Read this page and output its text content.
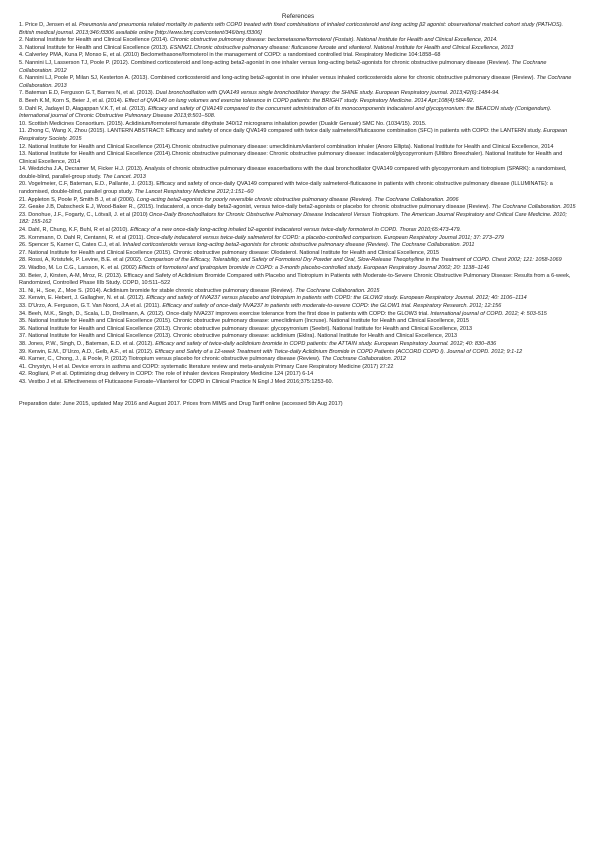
References
1 . Price D, Jensen et al. Pneumonia and pneumonia related mortality in patients with COPD treated with fixed combinations of inhaled corticosteroid and long acting β2 agonist: observational matched cohort study (PATHOS). British medical journal. 2013;346:f3306 available online [http://www.bmj.com/content/346/bmj.f3306]
2 . National Institute for Health and Clinical Excellence (2014). Chronic obstructive pulmonary disease: beclometasone/formoterol (Fostair). National Institute for Health and Clinical Excellence, 2014.
3 . National Institute for Health and Clinical Excellence (2013). ESNM21.Chronic obstructive pulmonary disease: fluticasone furoate and vilanterol. National Institute for Health and Clinical Excellence, 2013
4 . Calverley PMA, Kuna P, Monso E, et al. (2010) Beclomethasone/formoterol in the management of COPD: a randomised controlled trial. Respiratory Medicine 104:1858–68
5 . Nannini LJ, Lasserson TJ, Poole P. (2012). Combined corticosteroid and long-acting beta2-agonist in one inhaler versus long-acting beta2-agonists for chronic obstructive pulmonary disease (Review). The Cochrane Collaboration. 2012
6 . Nannini LJ, Poole P, Milan SJ, Kesterton A. (2013). Combined corticosteroid and long-acting beta2-agonist in one inhaler versus inhaled corticosteroids alone for chronic obstructive pulmonary disease (Review). The Cochrane Collaboration. 2013
7 . Bateman E.D, Ferguson G.T, Barnes N, et al. (2013). Dual bronchodilation with QVA149 versus single bronchodilator therapy: the SHINE study. European Respiratory journal. 2013;42(6):1484-94.
8 . Beeh K.M, Korn S, Beier J, et al. (2014). Effect of QVA149 on lung volumes and exercise tolerance in COPD patients: the BRIGHT study. Respiratory Medicine. 2014 Apr;108(4):584-92.
9 . Dahl R, Jadayel D, Alagappan V.K.T, et al. (2013). Efficacy and safety of QVA149 compared to the concurrent administration of its monocomponents indacaterol and glycopyrronium: the BEACON study (Conigendum). International journal of Chronic Obstructive Pulmonary Disease 2013;8:501–508.
10 . Scottish Medicines Consortium. (2015). Aclidinium/formoterol fumarate dihydrate 340/12 micrograms inhalation powder (Duaklir Genuair) SMC No. (1034/15). 2015.
11 . Zhong C, Wang X, Zhou (2015). LANTERN ABSTRACT: Efficacy and safety of once daily QVA149 compared with twice daily salmeterol/fluticasone combination (SFC) in patients with COPD: the LANTERN study. European Respiratory Society. 2015
12 . National Institute for Health and Clinical Excellence (2014).Chronic obstructive pulmonary disease: umeclidinium/vilanterol combination inhaler (Anoro Ellipta). National Institute for Health and Clinical Excellence, 2014
13 . National Institute for Health and Clinical Excellence (2014).Chronic obstructive pulmonary disease: Chronic obstructive pulmonary disease: indacaterol/glycopyrronium (Ultibro Breezhaler). National Institute for Health and Clinical Excellence, 2014
14 . Wedzicha J.A, Decramer M, Ficker H.J. (2013). Analysis of chronic obstructive pulmonary disease exacerbations with the dual bronchodilator QVA149 compared with glycopyrronium and tiotropium (SPARK): a randomised, double-blind, parallel-group study. The Lancet. 2013
20 . Vogelmeier, C.F, Bateman, E.D., Pallante, J. (2013). Efficacy and safety of once-daily QVA149 compared with twice-daily salmeterol-fluticasone in patients with chronic obstructive pulmonary disease (ILLUMINATE): a randomised, double-blind, parallel group study. The Lancet Respiratory Medicine 2012;1:151–60
21 . Appleton S, Poole P, Smith B J, et al (2006). Long-acting beta2-agonists for poorly reversible chronic obstructive pulmonary disease (Review). The Cochrane Collaboration. 2006
22 . Geake J.B, Dabscheck E.J, Wood-Baker R., (2015). Indacaterol, a once-daily beta2-agonist, versus twice-daily beta2-agonists or placebo for chronic obstructive pulmonary disease (Review). The Cochrane Collaboration. 2015
23 . Donohue, J.F., Fogarty, C., Lötvall, J. et al (2010) Once-Daily Bronchodilators for Chronic Obstructive Pulmonary Disease Indacaterol Versus Tiotropium. The American Journal Respiratory and Critical Care Medicine. 2010; 182: 155-162
24 . Dahl, R, Chung, K.F, Buhl, R et al (2010). Efficacy of a new once-daily long-acting inhaled b2-agonist indacaterol versus twice-daily formoterol in COPD. Thorax 2010;65:473-479.
25 . Kornmann, O. Dahl R, Centanni, R. et al (2011). Once-daily indacaterol versus twice-daily salmeterol for COPD: a placebo-controlled comparison. European Respiratory Journal 2011; 37: 273–279
26 . Spencer S, Karner C, Cates C.J, et al. Inhaled corticosteroids versus long-acting beta2-agonists for chronic obstructive pulmonary disease (Review). The Cochrane Collaboration. 2011
27 . National Institute for Health and Clinical Excellence (2015). Chronic obstructive pulmonary disease: Olodaterol. National Institute for Health and Clinical Excellence, 2015
28 . Rossi, A, Kristufek, P. Levine, B.E. et al (2002). Comparison of the Efficacy, Tolerability, and Safety of Formoterol Dry Powder and Oral, Slow-Release Theophylline in the Treatment of COPD. Chest 2002; 121: 1058-1069
29 . Wadbo, M. Lo C.G., Larsson, K. et al. (2002) Effects of formoterol and ipratropium bromide in COPD: a 3-month placebo-controlled study. European Respiratory Journal 2002; 20: 1138–1146
30 . Beier, J, Kirsten, A-M, Mroz, R. (2013). Efficacy and Safety of Aclidinium Bromide Compared with Placebo and Tiotropium in Patients with Moderate-to-Severe Chronic Obstructive Pulmonary Disease: Results from a 6-week, Randomized, Controlled Phase IIIb Study. COPD, 10:511–522
31 . Ni, H., Soe, Z., Moe S. (2014). Aclidinium bromide for stable chronic obstructive pulmonary disease (Review). The Cochrane Collaboration. 2015
32 . Kerwin, E. Hebert, J. Gallagher, N. et al. (2012). Efficacy and safety of NVA237 versus placebo and tiotropium in patients with COPD: the GLOW2 study. European Respiratory Journal. 2012; 40: 1106–1114
33 . D'Urzo, A. Ferguson, G.T. Van Noord, J.A et al. (2011). Efficacy and safety of once-daily NVA237 in patients with moderate-to-severe COPD: the GLOW1 trial. Respiratory Research. 2011; 12:156
34 . Beeh, M.K., Singh, D., Scala, L.D, Drollmann, A. (2012). Once-daily NVA237 improves exercise tolerance from the first dose in patients with COPD: the GLOW3 trial. International journal of COPD. 2012; 4: 503-515
35 . National Institute for Health and Clinical Excellence (2015). Chronic obstructive pulmonary disease: umeclidinium (Incruse). National Institute for Health and Clinical Excellence, 2015
36 . National Institute for Health and Clinical Excellence (2013). Chronic obstructive pulmonary disease: glycopyrronium (Seebri). National Institute for Health and Clinical Excellence, 2013
37 . National Institute for Health and Clinical Excellence (2013). Chronic obstructive pulmonary disease: aclidinium (Eklira). National Institute for Health and Clinical Excellence, 2013
38 . Jones, P.W., Singh, D., Bateman, E.D. et al. (2012). Efficacy and safety of twice-daily aclidinium bromide in COPD patients: the ATTAIN study. European Respiratory Journal. 2012; 40: 830–836
39 . Kerwin, E.M., D'Urzo, A.D., Gelb, A.F., et al. (2012). Efficacy and Safety of a 12-week Treatment with Twice-daily Aclidinium Bromide in COPD Patients (ACCORD COPD I). Journal of COPD. 2012; 9:1-12
40 . Karner, C., Chong, J., & Poole, P. (2012) Tiotropium versus placebo for chronic obstructive pulmonary disease (Review). The Cochrane Collaboration. 2012
41 . Chrystyn, H et al. Device errors in asthma and COPD: systematic literature review and meta-analysis Primary Care Respiratory Medicine (2017) 27:22
42 . Rogliani, P et al. Optimizing drug delivery in COPD: The role of inhaler devices Respiratory Medicine 124 (2017) 6-14
43 . Vestbo J et al. Effectiveness of Fluticasone Furoate–Vilanterol for COPD in Clinical Practice N Engl J Med 2016;375:1253-60.
Preparation date: June 2015, updated May 2016 and August 2017. Prices from MIMS and Drug Tariff online (accessed 5th Aug 2017)
